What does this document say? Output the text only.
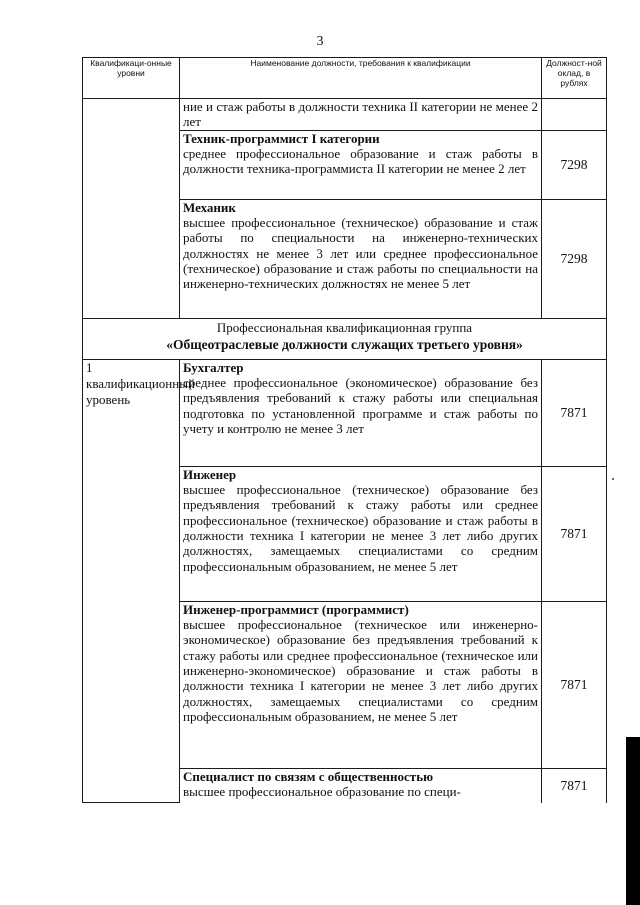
3
Квалификаци-онные уровни	Наименование должности, требования к квалификации	Должност-ной оклад, в рублях

	ние и стаж работы в должности техника II категории не менее 2 лет	

	Техник-программист I категории
среднее профессиональное образование и стаж работы в должности техника-программиста II категории не менее 2 лет	7298

	Механик
высшее профессиональное (техническое) образование и стаж работы по специальности на инженерно-технических должностях не менее 3 лет или среднее профессиональное (техническое) образование и стаж работы по специальности на инженерно-технических должностях не менее 5 лет	7298

Профессиональная квалификационная группа
«Общеотраслевые должности служащих третьего уровня»		

1 квалификационный уровень	Бухгалтер
среднее профессиональное (экономическое) образование без предъявления требований к стажу работы или специальная подготовка по установленной программе и стаж работы по учету и контролю не менее 3 лет	7871

	Инженер
высшее профессиональное (техническое) образование без предъявления требований к стажу работы или среднее профессиональное (техническое) образование и стаж работы в должности техника I категории не менее 3 лет либо других должностях, замещаемых специалистами со средним профессиональным образованием, не менее 5 лет	7871

	Инженер-программист (программист)
высшее профессиональное (техническое или инженерно-экономическое) образование без предъявления требований к стажу работы или среднее профессиональное (техническое или инженерно-экономическое) образование и стаж работы в должности техника I категории не менее 3 лет либо других должностях, замещаемых специалистами со средним профессиональным образованием, не менее 5 лет	7871

	Специалист по связям с общественностью
высшее профессиональное образование по специ-	7871
